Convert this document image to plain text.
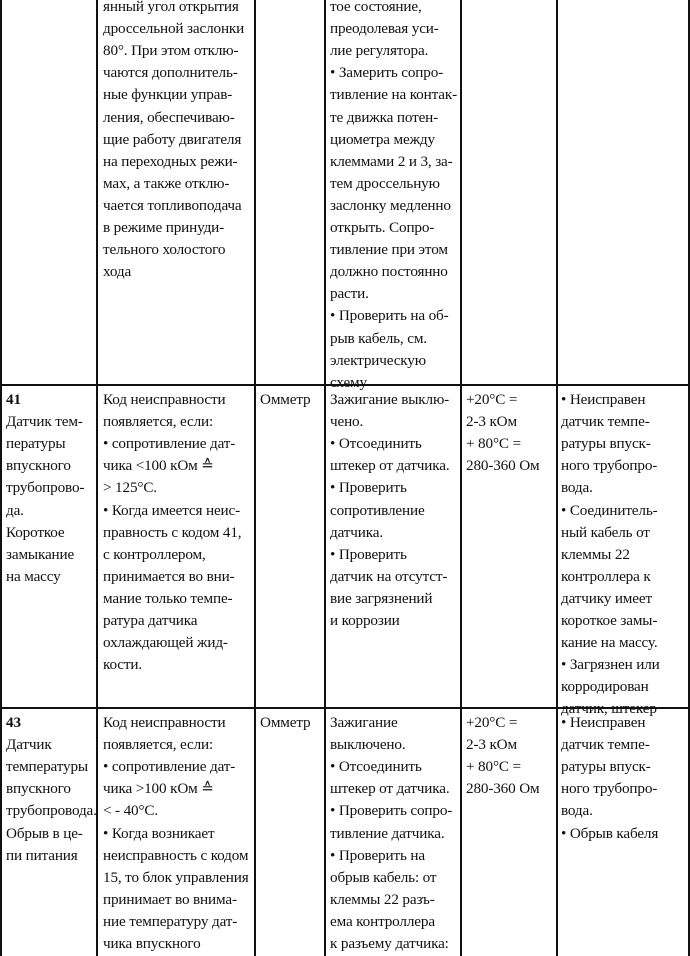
янный угол открытия
дроссельной заслонки
80°. При этом отклю-
чаются дополнитель-
ные функции управ-
ления, обеспечиваю-
щие работу двигателя
на переходных режи-
мах, а также отклю-
чается топливоподача
в режиме принуди-
тельного холостого
хода
тое состояние,
преодолевая уси-
лие регулятора.
• Замерить сопро-
тивление на контак-
те движка потен-
циометра между
клеммами 2 и 3, за-
тем дроссельную
заслонку медленно
открыть. Сопро-
тивление при этом
должно постоянно
расти.
• Проверить на об-
рыв кабель, см.
электрическую
схему
41
Датчик тем-
пературы
впускного
трубопрово-
да.
Короткое
замыкание
на массу
Код неисправности
появляется, если:
• сопротивление дат-
чика <100 кОм ≙
> 125°C.
• Когда имеется неис-
правность с кодом 41,
с контроллером,
принимается во вни-
мание только темпе-
ратура датчика
охлаждающей жид-
кости.
Омметр Зажигание выклю-
чено.
• Отсоединить
штекер от датчика.
• Проверить
сопротивление
датчика.
• Проверить
датчик на отсутст-
вие загрязнений
и коррозии
+20°C =
2-3 кОм
+ 80°C =
280-360 Ом
• Неисправен
датчик темпе-
ратуры впуск-
ного трубопро-
вода.
• Соединитель-
ный кабель от
клеммы 22
контроллера к
датчику имеет
короткое замы-
кание на массу.
• Загрязнен или
корродирован
датчик, штекер
43
Датчик
температуры
впускного
трубопровода.
Обрыв в це-
пи питания
Код неисправности
появляется, если:
• сопротивление дат-
чика >100 кОм ≙
< - 40°C.
• Когда возникает
неисправность с кодом
15, то блок управления
принимает во внима-
ние температуру дат-
чика впускного
Омметр Зажигание
выключено.
• Отсоединить
штекер от датчика.
• Проверить сопро-
тивление датчика.
• Проверить на
обрыв кабель: от
клеммы 22 разъ-
ема контроллера
к разъему датчика:
+20°C =
2-3 кОм
+ 80°C =
280-360 Ом
• Неисправен
датчик темпе-
ратуры впуск-
ного трубопро-
вода.
• Обрыв кабеля
